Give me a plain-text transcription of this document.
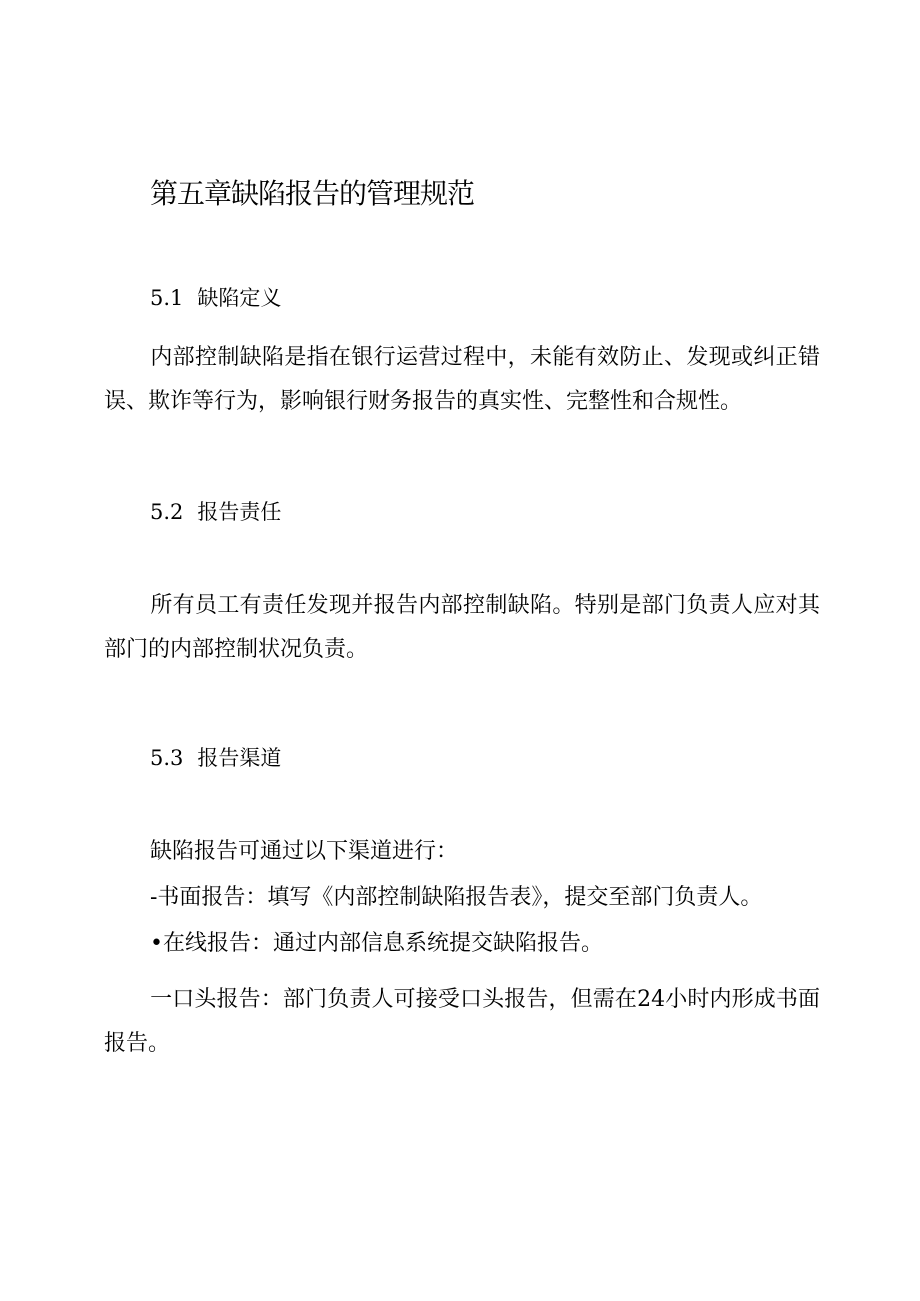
第五章缺陷报告的管理规范
5.1 缺陷定义

内部控制缺陷是指在银行运营过程中，未能有效防止、发现或纠正错误、欺诈等行为，影响银行财务报告的真实性、完整性和合规性。

5.2 报告责任

所有员工有责任发现并报告内部控制缺陷。特别是部门负责人应对其部门的内部控制状况负责。

5.3 报告渠道

缺陷报告可通过以下渠道进行：

-书面报告：填写《内部控制缺陷报告表》，提交至部门负责人。

•在线报告：通过内部信息系统提交缺陷报告。

一口头报告：部门负责人可接受口头报告，但需在24小时内形成书面报告。
